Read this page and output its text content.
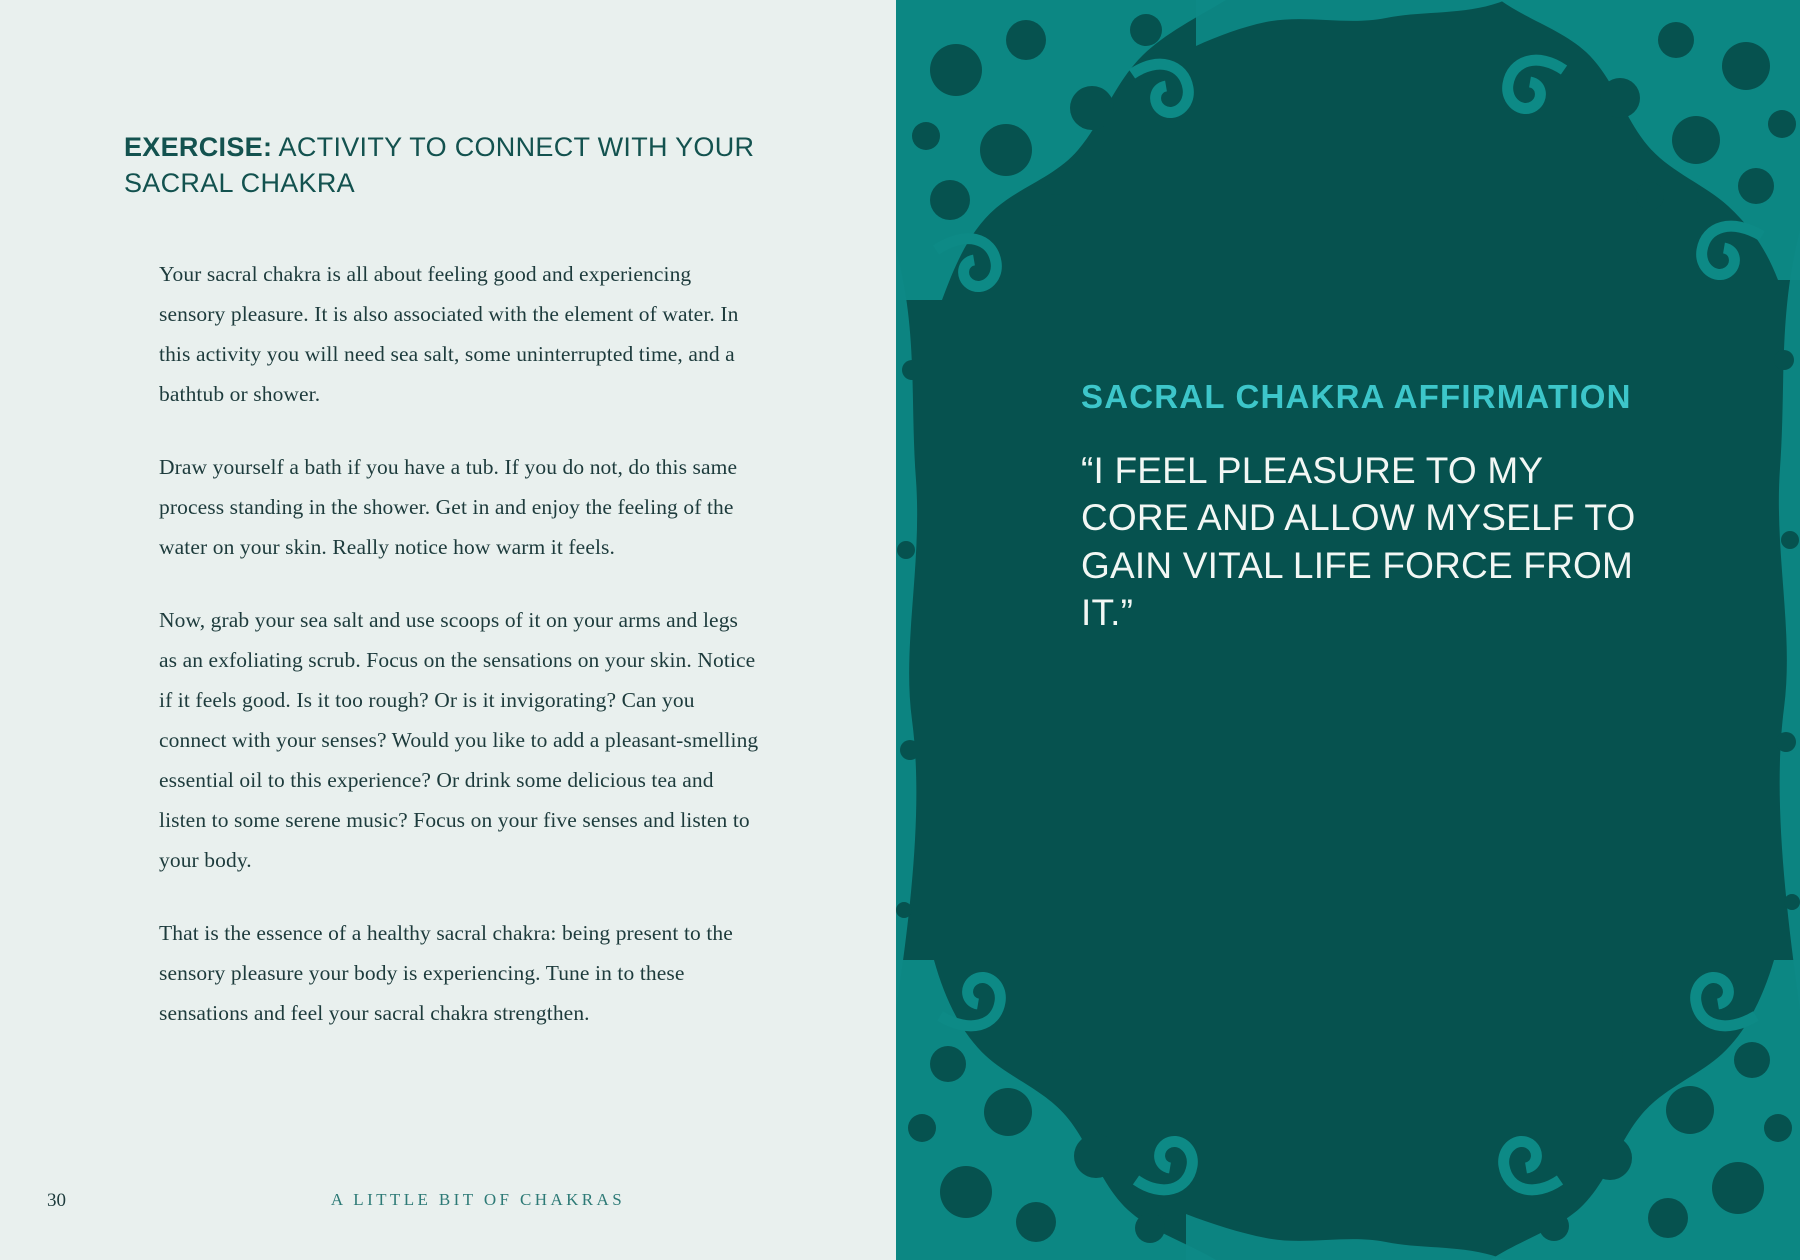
EXERCISE: ACTIVITY TO CONNECT WITH YOUR SACRAL CHAKRA

Your sacral chakra is all about feeling good and experiencing sensory pleasure. It is also associated with the element of water. In this activity you will need sea salt, some uninterrupted time, and a bathtub or shower.

Draw yourself a bath if you have a tub. If you do not, do this same process standing in the shower. Get in and enjoy the feeling of the water on your skin. Really notice how warm it feels.

Now, grab your sea salt and use scoops of it on your arms and legs as an exfoliating scrub. Focus on the sensations on your skin. Notice if it feels good. Is it too rough? Or is it invigorating? Can you connect with your senses? Would you like to add a pleasant-smelling essential oil to this experience? Or drink some delicious tea and listen to some serene music? Focus on your five senses and listen to your body.

That is the essence of a healthy sacral chakra: being present to the sensory pleasure your body is experiencing. Tune in to these sensations and feel your sacral chakra strengthen.

30	A LITTLE BIT OF CHAKRAS
SACRAL CHAKRA AFFIRMATION

“I FEEL PLEASURE TO MY CORE AND ALLOW MYSELF TO GAIN VITAL LIFE FORCE FROM IT.”
